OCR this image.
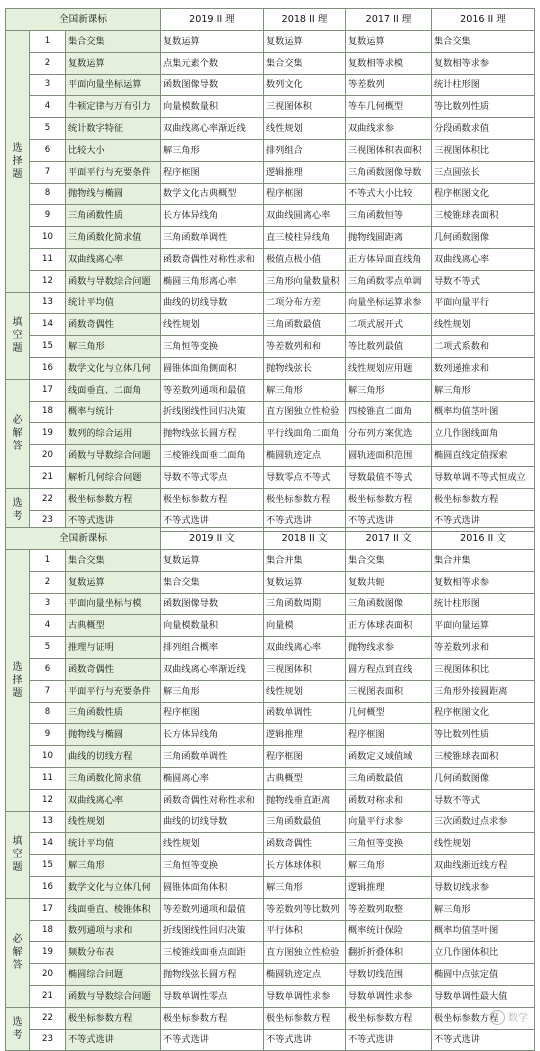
全国新课标			2019 II 理	2018 II 理	2017 II 理	2016 II 理	
选择题	1	集合交集	复数运算	复数运算	复数运算	集合交集	
	2	复数运算	点集元素个数	集合交集	复数相等求模	复数相等求参	
	3	平面向量坐标运算	函数图像导数	数列文化	等差数列	统计柱形图	
	4	牛顿定律与万有引力	向量模数量积	三视图体积	等车几何概型	等比数列性质	
	5	统计数字特征	双曲线离心率渐近线	线性规划	双曲线求参	分段函数求值	
	6	比较大小	解三角形	排列组合	三视图体积表面积	三视图体积比	
	7	平面平行与充要条件	程序框图	逻辑推理	三角函数图像导数	三点圆弦长	
	8	抛物线与椭圆	数学文化古典概型	程序框图	不等式大小比较	程序框图文化	
	9	三角函数性质	长方体异线角	双曲线圆离心率	三角函数恒等	三棱锥球表面积	
	10	三角函数化简求值	三角函数单调性	直三棱柱异线角	抛物线圆距离	几何函数图像	
	11	双曲线离心率	函数奇偶性对称性求和	极值点极小值	正方体异面直线角	双曲线离心率	
	12	函数与导数综合问题	椭圆三角形离心率	三角形向量数量积	三角函数零点单调	导数不等式	
填空题	13	统计平均值	曲线的切线导数	二项分布方差	向量坐标运算求参	平面向量平行	
	14	函数奇偶性	线性规划	三角函数最值	二项式展开式	线性规划	
	15	解三角形	三角恒等变换	等差数列和和	等比数列最值	二项式系数和	
	16	数学文化与立体几何	圆锥体面角侧面积	抛物线弦长	线性规划应用题	数列递推求和	
必解答	17	线面垂直、二面角	等差数列通项和最值	解三角形	解三角形	解三角形	
	18	概率与统计	折线图线性回归决策	直方图独立性检验	四棱锥直二面角	概率均值茎叶图	
	19	数列的综合运用	抛物线弦长圆方程	平行线面角二面角	分布列方案优选	立几作图线面角	
	20	函数与导数综合问题	三棱锥线面垂二面角	椭圆轨迹定点	圆轨迹面积范围	椭圆直线定值探索	
	21	解析几何综合问题	导数不等式零点	导数零点不等式	导数最值不等式	导数单调不等式恒成立	
选考	22	极坐标参数方程	极坐标参数方程	极坐标参数方程	极坐标参数方程	极坐标参数方程	
	23	不等式选讲	不等式选讲	不等式选讲	不等式选讲	不等式选讲	
全国新课标			2019 II 文	2018 II 文	2017 II 文	2016 II 文	
选择题	1	集合交集	复数运算	集合并集	集合交集	集合并集	
	2	复数运算	集合交集	复数运算	复数共轭	复数相等求参	
	3	平面向量坐标与模	函数图像导数	三角函数周期	三角函数图像	统计柱形图	
	4	古典概型	向量模数量积	向量模	正方体球表面积	平面向量运算	
	5	推理与证明	排列组合概率	双曲线离心率	抛物线求参	等差数列求和	
	6	函数奇偶性	双曲线离心率渐近线	三视图体积	圆方程点到直线	三视图体积比	
	7	平面平行与充要条件	解三角形	线性规划	三视图表面积	三角形外接圆距离	
	8	三角函数性质	程序框图	函数单调性	几何概型	程序框图文化	
	9	抛物线与椭圆	长方体异线角	逻辑推理	程序框图	等比数列性质	
	10	曲线的切线方程	三角函数单调性	程序框图	函数定义域值域	三棱锥球表面积	
	11	三角函数化简求值	椭圆离心率	古典概型	三角函数最值	几何函数图像	
	12	双曲线离心率	函数奇偶性对称性求和	抛物线垂直距离	函数对称求和	导数不等式	
填空题	13	线性规划	曲线的切线导数	三角函数最值	向量平行求参	三次函数过点求参	
	14	统计平均值	线性规划	函数奇偶性	三角恒等变换	线性规划	
	15	解三角形	三角恒等变换	长方体球体积	解三角形	双曲线渐近线方程	
	16	数学文化与立体几何	圆锥体面角体积	解三角形	逻辑推理	导数切线求参	
必解答	17	线面垂直、棱锥体积	等差数列通项和最值	等差数列等比数列	等差数列取整	解三角形	
	18	数列通项与求和	折线图线性回归决策	平行体积	概率统计保险	概率均值茎叶图	
	19	频数分布表	三棱锥线面垂点面距	直方图独立性检验	翻折折叠体积	立几作图体积比	
	20	椭圆综合问题	抛物线弦长圆方程	椭圆轨迹定点	导数切线范围	椭圆中点弦定值	
	21	函数与导数综合问题	导数单调性零点	导数单调性求参	导数单调性求参	导数单调性最大值	
选考	22	极坐标参数方程	极坐标参数方程	极坐标参数方程	极坐标参数方程	极坐标参数方程	
	23	不等式选讲	不等式选讲	不等式选讲	不等式选讲	不等式选讲	
数学
